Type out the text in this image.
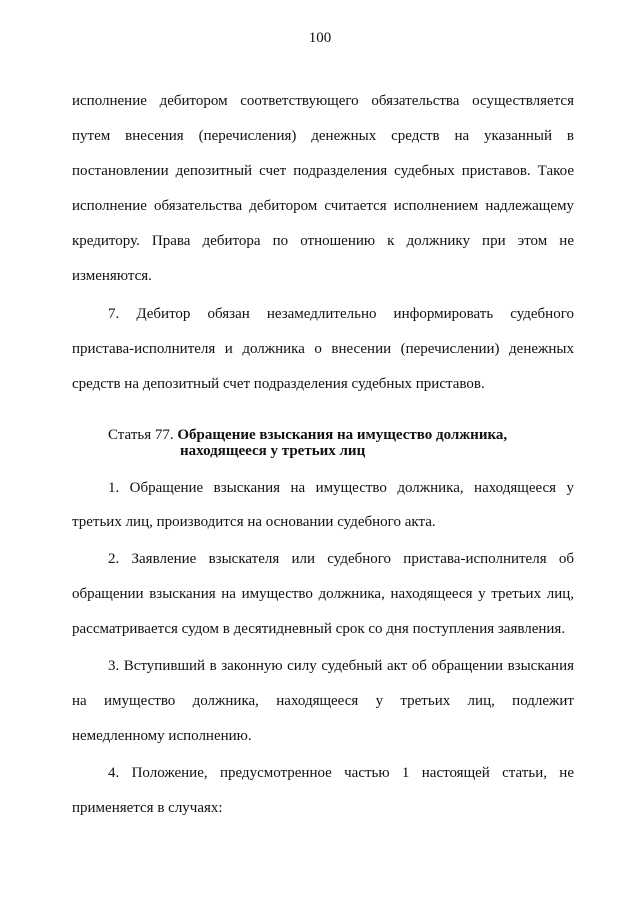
100
исполнение дебитором соответствующего обязательства осуществляется
путем внесения (перечисления) денежных средств на указанный в
постановлении депозитный счет подразделения судебных приставов. Такое
исполнение обязательства дебитором считается исполнением надлежащему
кредитору. Права дебитора по отношению к должнику при этом не
изменяются.
7. Дебитор обязан незамедлительно информировать судебного
пристава-исполнителя и должника о внесении (перечислении) денежных
средств на депозитный счет подразделения судебных приставов.
Статья 77. Обращение взыскания на имущество должника,
находящееся у третьих лиц
1. Обращение взыскания на имущество должника, находящееся у
третьих лиц, производится на основании судебного акта.
2. Заявление взыскателя или судебного пристава-исполнителя об
обращении взыскания на имущество должника, находящееся у третьих лиц,
рассматривается судом в десятидневный срок со дня поступления заявления.
3. Вступивший в законную силу судебный акт об обращении взыскания
на имущество должника, находящееся у третьих лиц, подлежит
немедленному исполнению.
4. Положение, предусмотренное частью 1 настоящей статьи, не
применяется в случаях:
